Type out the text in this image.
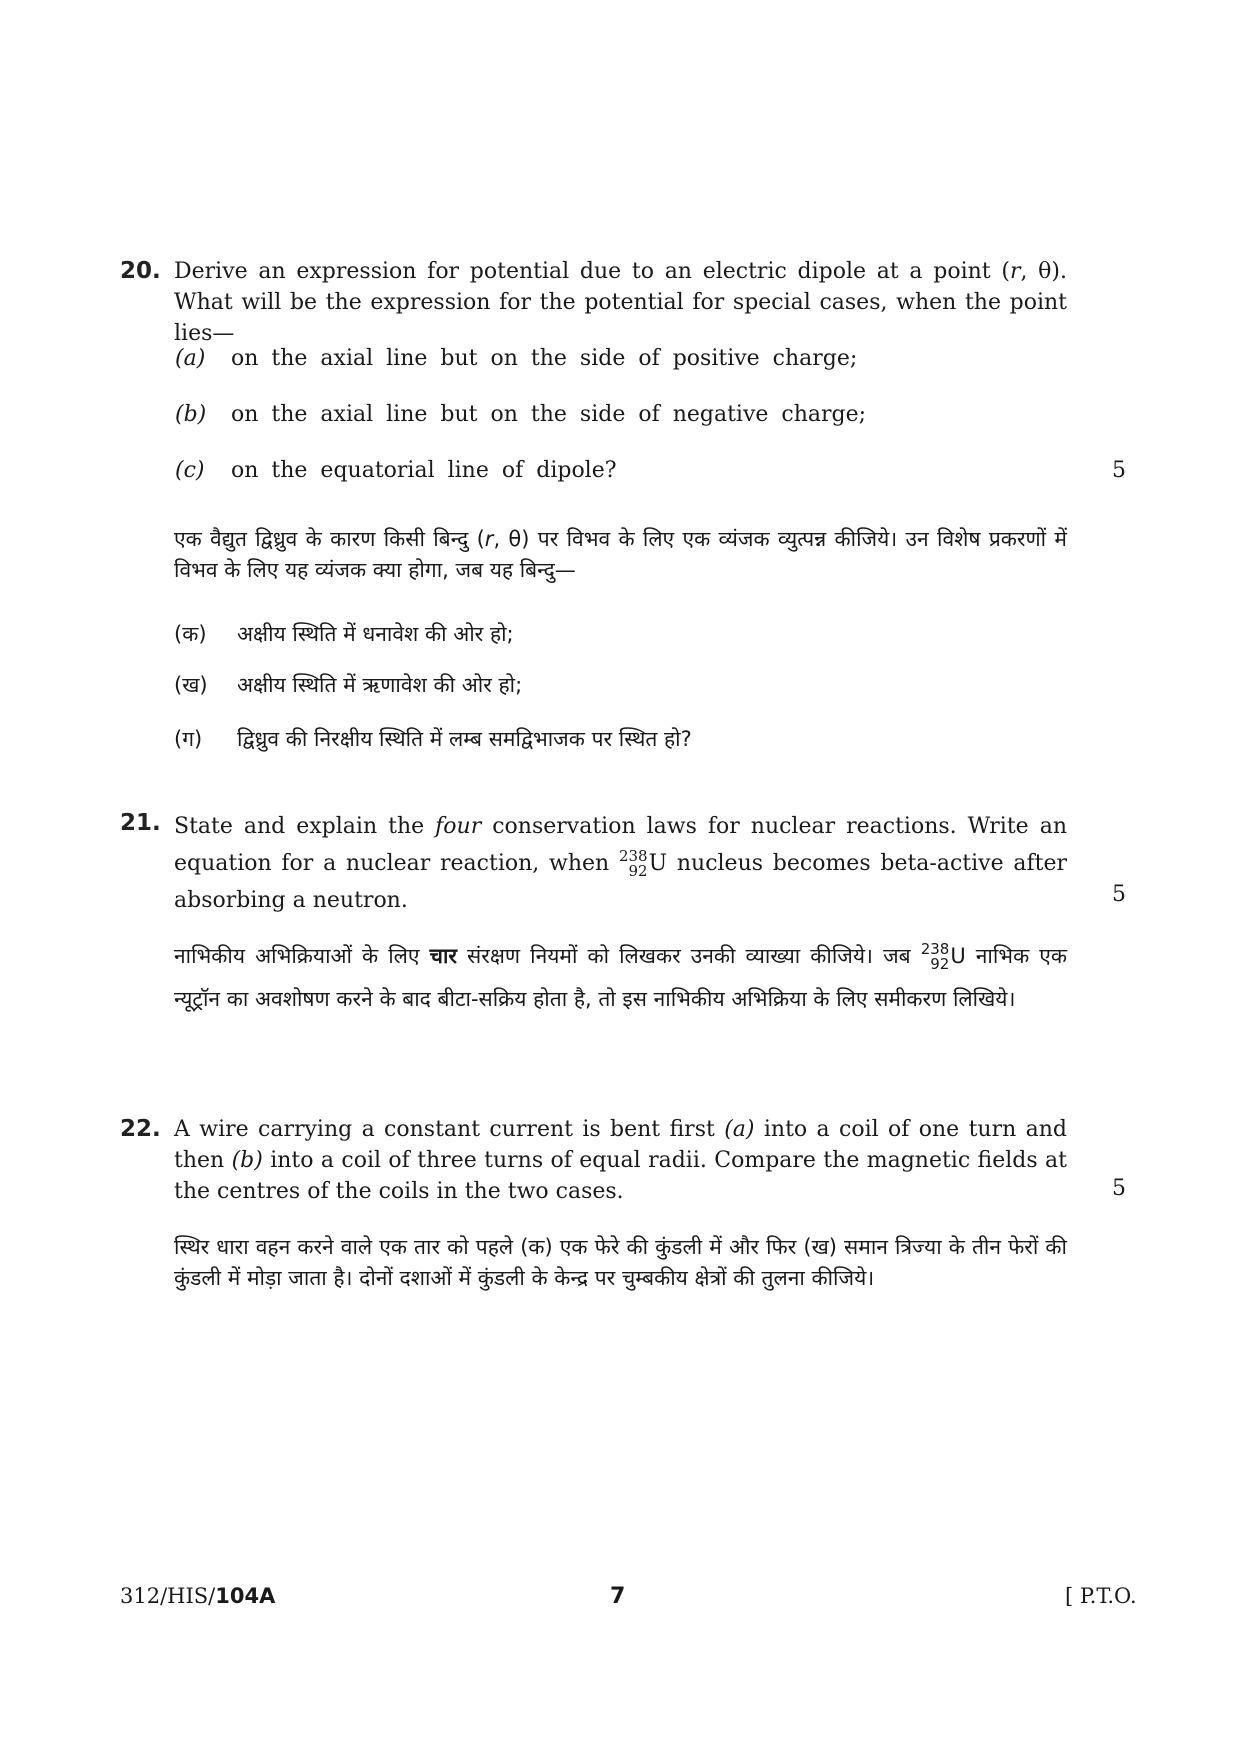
20. Derive an expression for potential due to an electric dipole at a point (r, θ). What will be the expression for the potential for special cases, when the point lies—
(a) on the axial line but on the side of positive charge;
(b) on the axial line but on the side of negative charge;
(c) on the equatorial line of dipole?	5
एक वैद्युत द्विध्रुव के कारण किसी बिन्दु (r, θ) पर विभव के लिए एक व्यंजक व्युत्पन्न कीजिये। उन विशेष प्रकरणों में विभव के लिए यह व्यंजक क्या होगा, जब यह बिन्दु—
(क) अक्षीय स्थिति में धनावेश की ओर हो;
(ख) अक्षीय स्थिति में ऋणावेश की ओर हो;
(ग) द्विध्रुव की निरक्षीय स्थिति में लम्ब समद्विभाजक पर स्थित हो?
21. State and explain the four conservation laws for nuclear reactions. Write an equation for a nuclear reaction, when 238
92 U nucleus becomes beta-active after absorbing a neutron.	5
नाभिकीय अभिक्रियाओं के लिए चार संरक्षण नियमों को लिखकर उनकी व्याख्या कीजिये। जब 238
92 U नाभिक एक न्यूट्रॉन का अवशोषण करने के बाद बीटा-सक्रिय होता है, तो इस नाभिकीय अभिक्रिया के लिए समीकरण लिखिये।
22. A wire carrying a constant current is bent first (a) into a coil of one turn and then (b) into a coil of three turns of equal radii. Compare the magnetic fields at the centres of the coils in the two cases.	5
स्थिर धारा वहन करने वाले एक तार को पहले (क) एक फेरे की कुंडली में और फिर (ख) समान त्रिज्या के तीन फेरों की कुंडली में मोड़ा जाता है। दोनों दशाओं में कुंडली के केन्द्र पर चुम्बकीय क्षेत्रों की तुलना कीजिये।
312/HIS/104A	7	[ P.T.O.
